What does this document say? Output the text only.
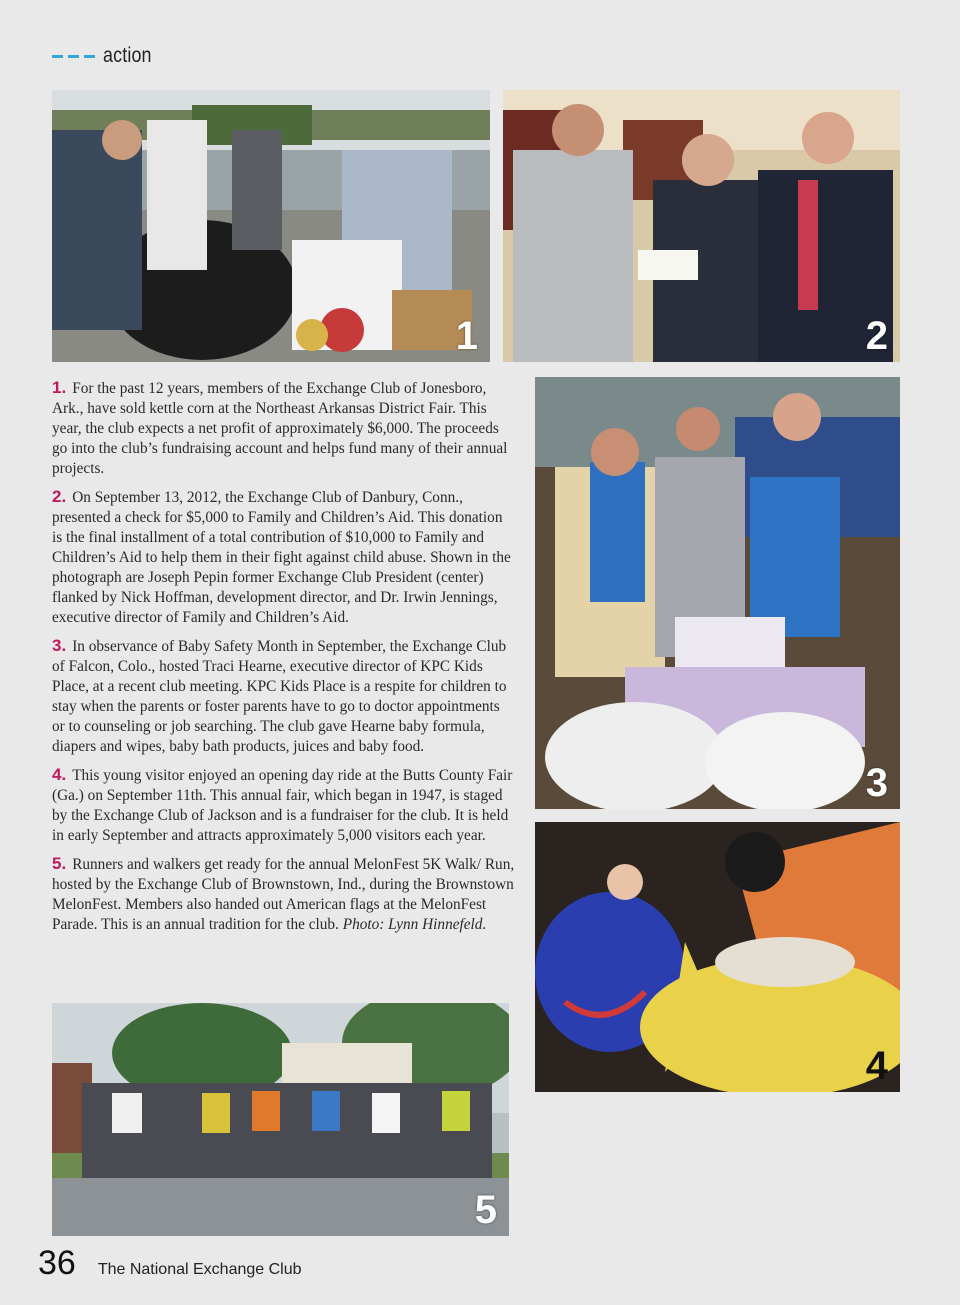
action
1	2
3
4
5

1. For the past 12 years, members of the Exchange Club of Jonesboro, Ark., have sold kettle corn at the Northeast Arkansas District Fair. This year, the club expects a net profit of approximately $6,000. The proceeds go into the club’s fundraising account and helps fund many of their annual projects.

2. On September 13, 2012, the Exchange Club of Danbury, Conn., presented a check for $5,000 to Family and Children’s Aid. This donation is the final installment of a total contribution of $10,000 to Family and Children’s Aid to help them in their fight against child abuse. Shown in the photograph are Joseph Pepin former Exchange Club President (center) flanked by Nick Hoffman, development director, and Dr. Irwin Jennings, executive director of Family and Children’s Aid.

3. In observance of Baby Safety Month in September, the Exchange Club of Falcon, Colo., hosted Traci Hearne, executive director of KPC Kids Place, at a recent club meeting. KPC Kids Place is a respite for children to stay when the parents or foster parents have to go to doctor appointments or to counseling or job searching. The club gave Hearne baby formula, diapers and wipes, baby bath products, juices and baby food.

4. This young visitor enjoyed an opening day ride at the Butts County Fair (Ga.) on September 11th. This annual fair, which began in 1947, is staged by the Exchange Club of Jackson and is a fundraiser for the club. It is held in early September and attracts approximately 5,000 visitors each year.

5. Runners and walkers get ready for the annual MelonFest 5K Walk/ Run, hosted by the Exchange Club of Brownstown, Ind., during the Brownstown MelonFest. Members also handed out American flags at the MelonFest Parade. This is an annual tradition for the club. Photo: Lynn Hinnefeld.

36 The National Exchange Club
